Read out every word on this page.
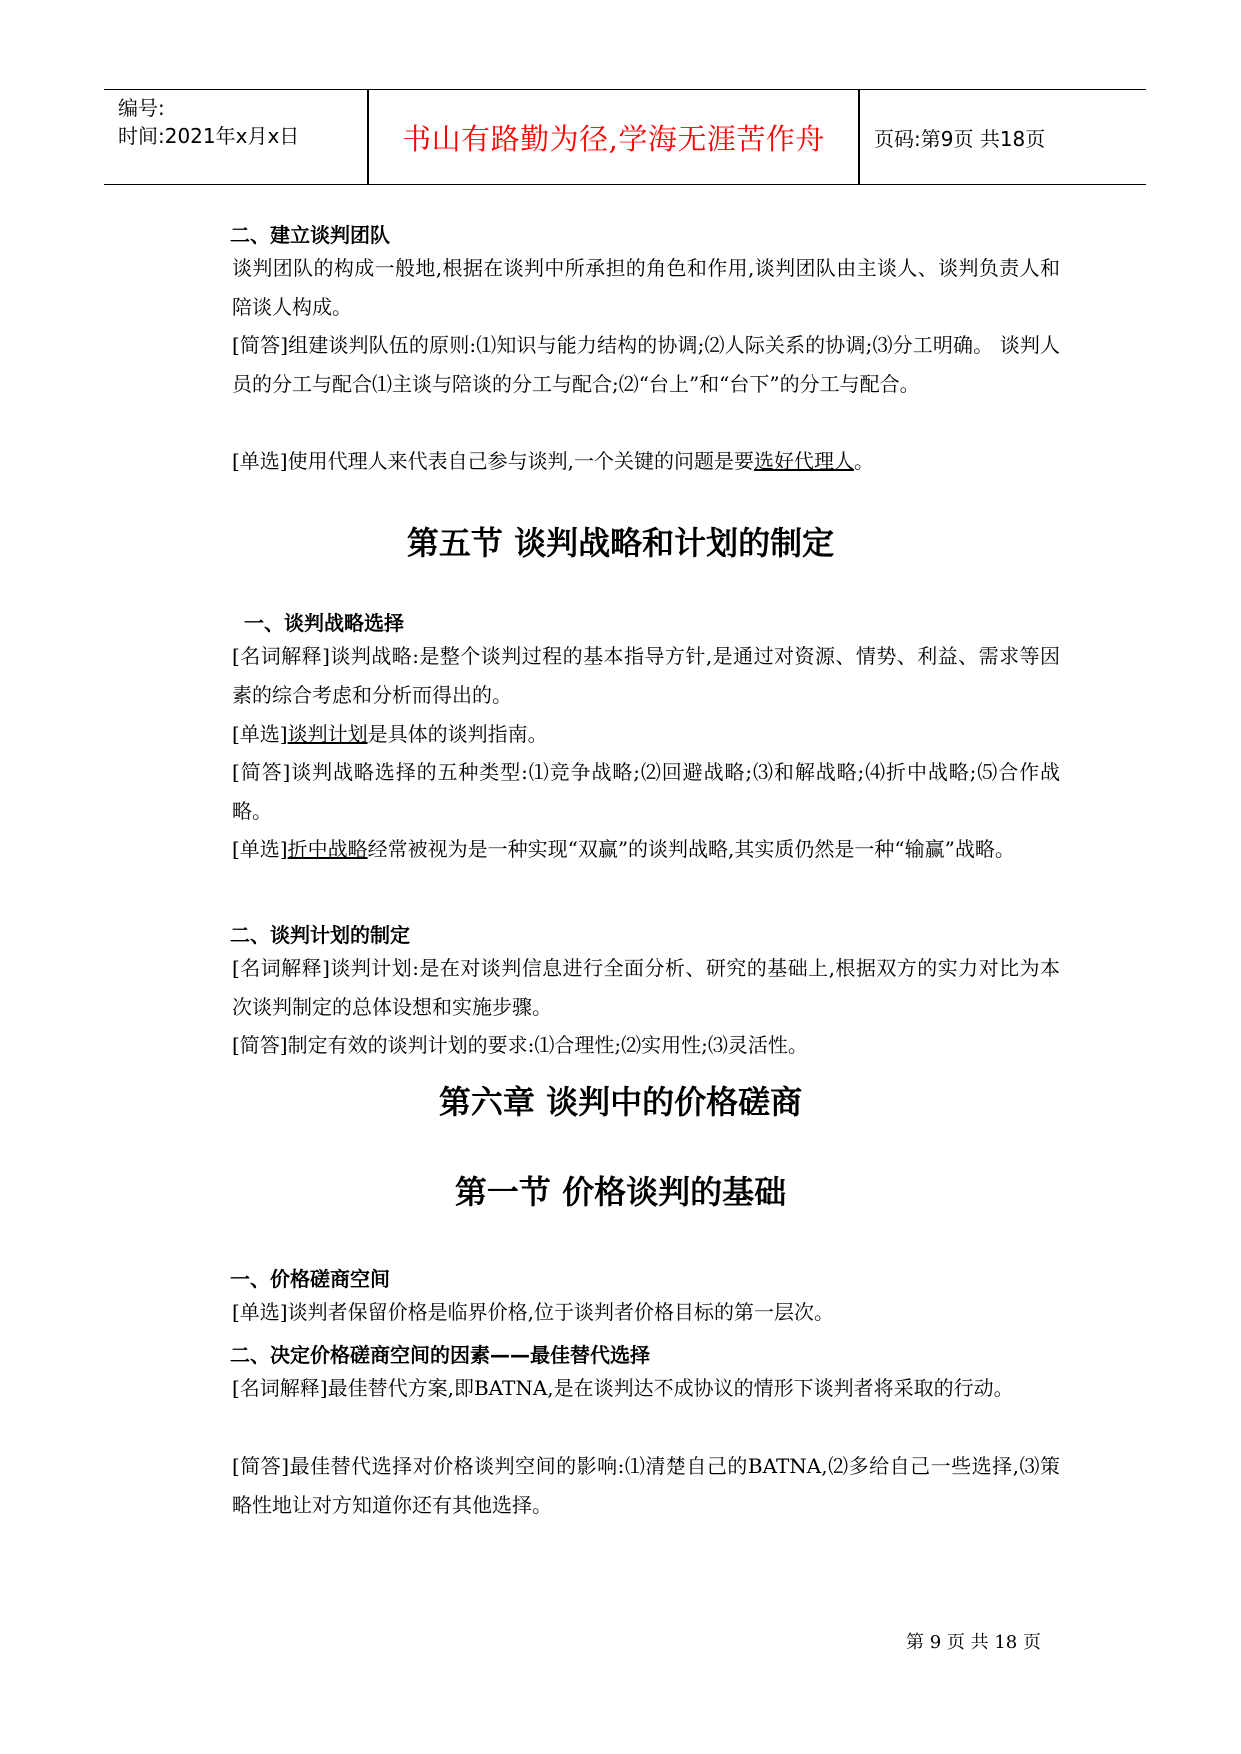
编号:
时间:2021年x月x日	书山有路勤为径,学海无涯苦作舟	页码:第9页 共18页
二、建立谈判团队
谈判团队的构成一般地,根据在谈判中所承担的角色和作用,谈判团队由主谈人、谈判负责人和陪谈人构成。
[简答]组建谈判队伍的原则:⑴知识与能力结构的协调;⑵人际关系的协调;⑶分工明确。 谈判人员的分工与配合⑴主谈与陪谈的分工与配合;⑵“台上”和“台下”的分工与配合。
[单选]使用代理人来代表自己参与谈判,一个关键的问题是要选好代理人。
第五节 谈判战略和计划的制定
一、谈判战略选择
[名词解释]谈判战略:是整个谈判过程的基本指导方针,是通过对资源、情势、利益、需求等因素的综合考虑和分析而得出的。
[单选]谈判计划是具体的谈判指南。
[简答]谈判战略选择的五种类型:⑴竞争战略;⑵回避战略;⑶和解战略;⑷折中战略;⑸合作战略。
[单选]折中战略经常被视为是一种实现“双赢”的谈判战略,其实质仍然是一种“输赢”战略。
二、谈判计划的制定
[名词解释]谈判计划:是在对谈判信息进行全面分析、研究的基础上,根据双方的实力对比为本次谈判制定的总体设想和实施步骤。
[简答]制定有效的谈判计划的要求:⑴合理性;⑵实用性;⑶灵活性。
第六章 谈判中的价格磋商
第一节 价格谈判的基础
一、价格磋商空间
[单选]谈判者保留价格是临界价格,位于谈判者价格目标的第一层次。
二、决定价格磋商空间的因素——最佳替代选择
[名词解释]最佳替代方案,即BATNA,是在谈判达不成协议的情形下谈判者将采取的行动。
[简答]最佳替代选择对价格谈判空间的影响:⑴清楚自己的BATNA,⑵多给自己一些选择,⑶策略性地让对方知道你还有其他选择。
第 9 页 共 18 页
